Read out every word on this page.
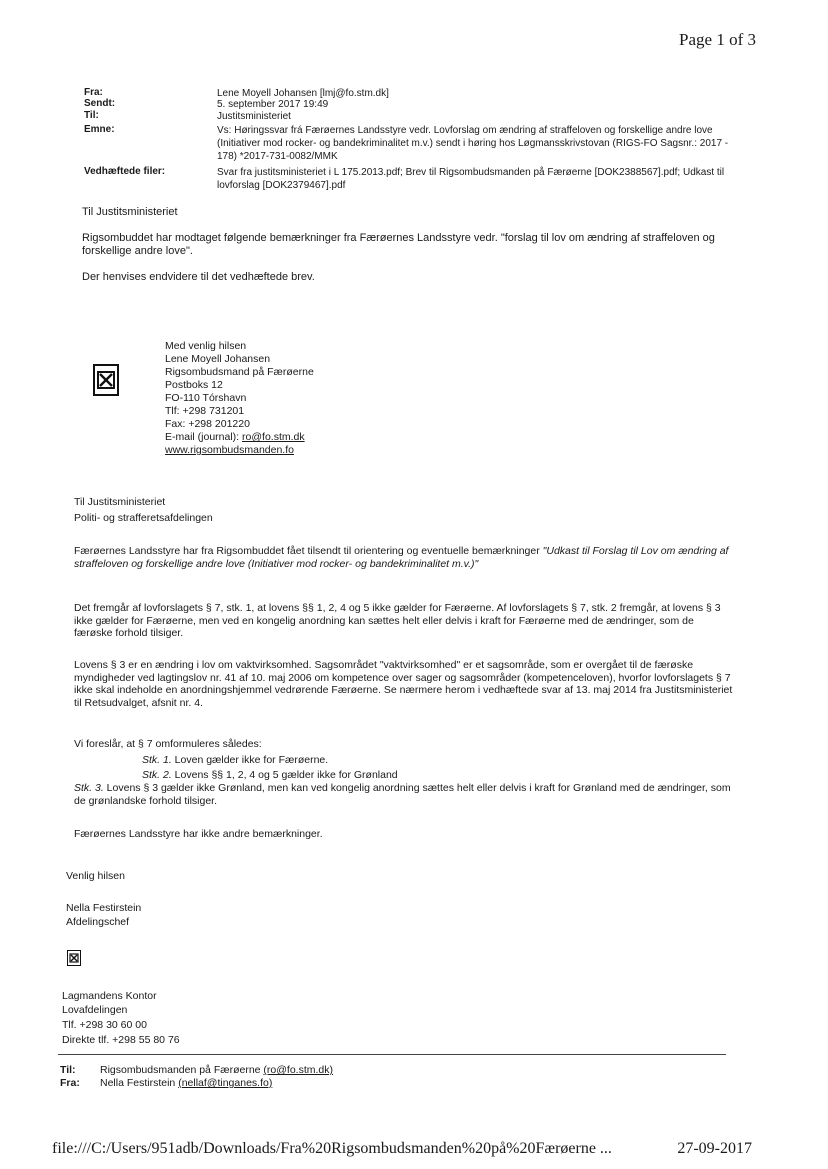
Page 1 of 3
Fra:	Lene Moyell Johansen [lmj@fo.stm.dk]
Sendt:	5. september 2017 19:49
Til:	Justitsministeriet
Emne:	Vs: Høringssvar frá Færøernes Landsstyre vedr. Lovforslag om ændring af straffeloven og forskellige andre love (Initiativer mod rocker- og bandekriminalitet m.v.) sendt i høring hos Løgmansskrivstovan (RIGS-FO Sagsnr.: 2017 - 178) *2017-731-0082/MMK
Vedhæftede filer:	Svar fra justitsministeriet i L 175.2013.pdf; Brev til Rigsombudsmanden på Færøerne [DOK2388567].pdf; Udkast til lovforslag [DOK2379467].pdf
Til Justitsministeriet
Rigsombuddet har modtaget følgende bemærkninger fra Færøernes Landsstyre vedr. "forslag til lov om ændring af straffeloven og forskellige andre love".
Der henvises endvidere til det vedhæftede brev.
Med venlig hilsen
Lene Moyell Johansen
Rigsombudsmand på Færøerne
Postboks 12
FO-110 Tórshavn
Tlf: +298 731201
Fax: +298 201220
E-mail (journal): ro@fo.stm.dk
www.rigsombudsmanden.fo
Til Justitsministeriet
Politi- og strafferetsafdelingen
Færøernes Landsstyre har fra Rigsombuddet fået tilsendt til orientering og eventuelle bemærkninger "Udkast til Forslag til Lov om ændring af straffeloven og forskellige andre love (Initiativer mod rocker- og bandekriminalitet m.v.)"
Det fremgår af lovforslagets § 7, stk. 1, at lovens §§ 1, 2, 4 og 5 ikke gælder for Færøerne. Af lovforslagets § 7, stk. 2 fremgår, at lovens § 3 ikke gælder for Færøerne, men ved en kongelig anordning kan sættes helt eller delvis i kraft for Færøerne med de ændringer, som de færøske forhold tilsiger.
Lovens § 3 er en ændring i lov om vaktvirksomhed. Sagsområdet "vaktvirksomhed" er et sagsområde, som er overgået til de færøske myndigheder ved lagtingslov nr. 41 af 10. maj 2006 om kompetence over sager og sagsområder (kompetenceloven), hvorfor lovforslagets § 7 ikke skal indeholde en anordningshjemmel vedrørende Færøerne. Se nærmere herom i vedhæftede svar af 13. maj 2014 fra Justitsministeriet til Retsudvalget, afsnit nr. 4.
Vi foreslår, at § 7 omformuleres således:
Stk. 1. Loven gælder ikke for Færøerne.
Stk. 2. Lovens §§ 1, 2, 4 og 5 gælder ikke for Grønland
Stk. 3. Lovens § 3 gælder ikke Grønland, men kan ved kongelig anordning sættes helt eller delvis i kraft for Grønland med de ændringer, som de grønlandske forhold tilsiger.
Færøernes Landsstyre har ikke andre bemærkninger.
Venlig hilsen
Nella Festirstein
Afdelingschef
Lagmandens Kontor
Lovafdelingen
Tlf. +298 30 60 00
Direkte tlf. +298 55 80 76
Til: Rigsombudsmanden på Færøerne (ro@fo.stm.dk)
Fra: Nella Festirstein (nellaf@tinganes.fo)
file:///C:/Users/951adb/Downloads/Fra%20Rigsombudsmanden%20på%20Færøerne ...	27-09-2017
